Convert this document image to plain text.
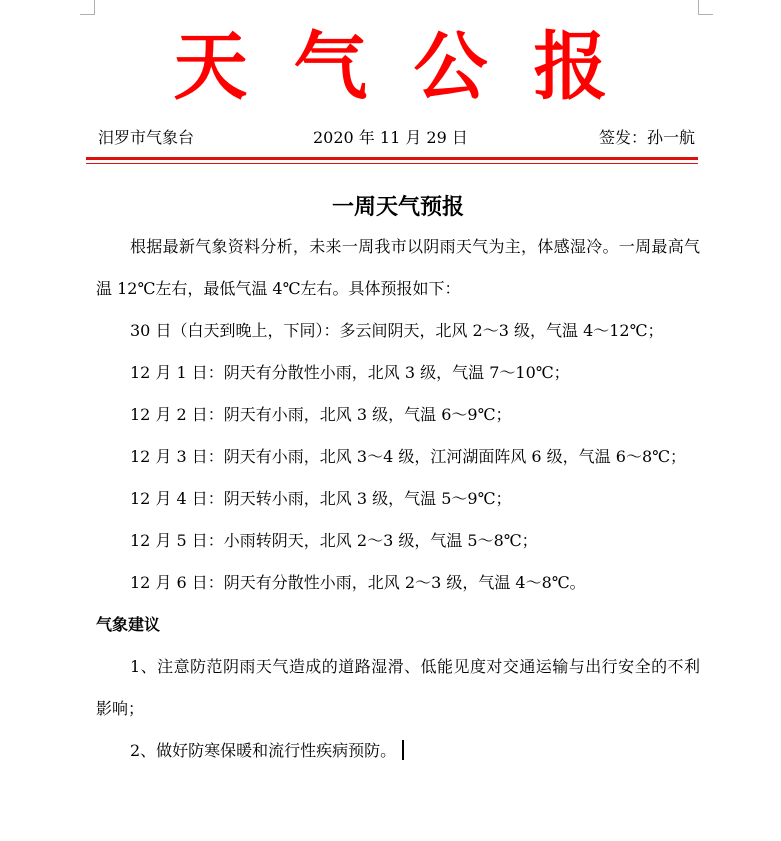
天气公报
汨罗市气象台	2020 年 11 月 29 日	签发：孙一航
一周天气预报

根据最新气象资料分析，未来一周我市以阴雨天气为主，体感湿冷。一周最高气温 12℃左右，最低气温 4℃左右。具体预报如下：

30 日（白天到晚上，下同）：多云间阴天，北风 2～3 级，气温 4～12℃；

12 月 1 日：阴天有分散性小雨，北风 3 级，气温 7～10℃；

12 月 2 日：阴天有小雨，北风 3 级，气温 6～9℃；

12 月 3 日：阴天有小雨，北风 3～4 级，江河湖面阵风 6 级，气温 6～8℃；

12 月 4 日：阴天转小雨，北风 3 级，气温 5～9℃；

12 月 5 日：小雨转阴天，北风 2～3 级，气温 5～8℃；

12 月 6 日：阴天有分散性小雨，北风 2～3 级，气温 4～8℃。

气象建议

1、注意防范阴雨天气造成的道路湿滑、低能见度对交通运输与出行安全的不利影响；

2、做好防寒保暖和流行性疾病预防。
